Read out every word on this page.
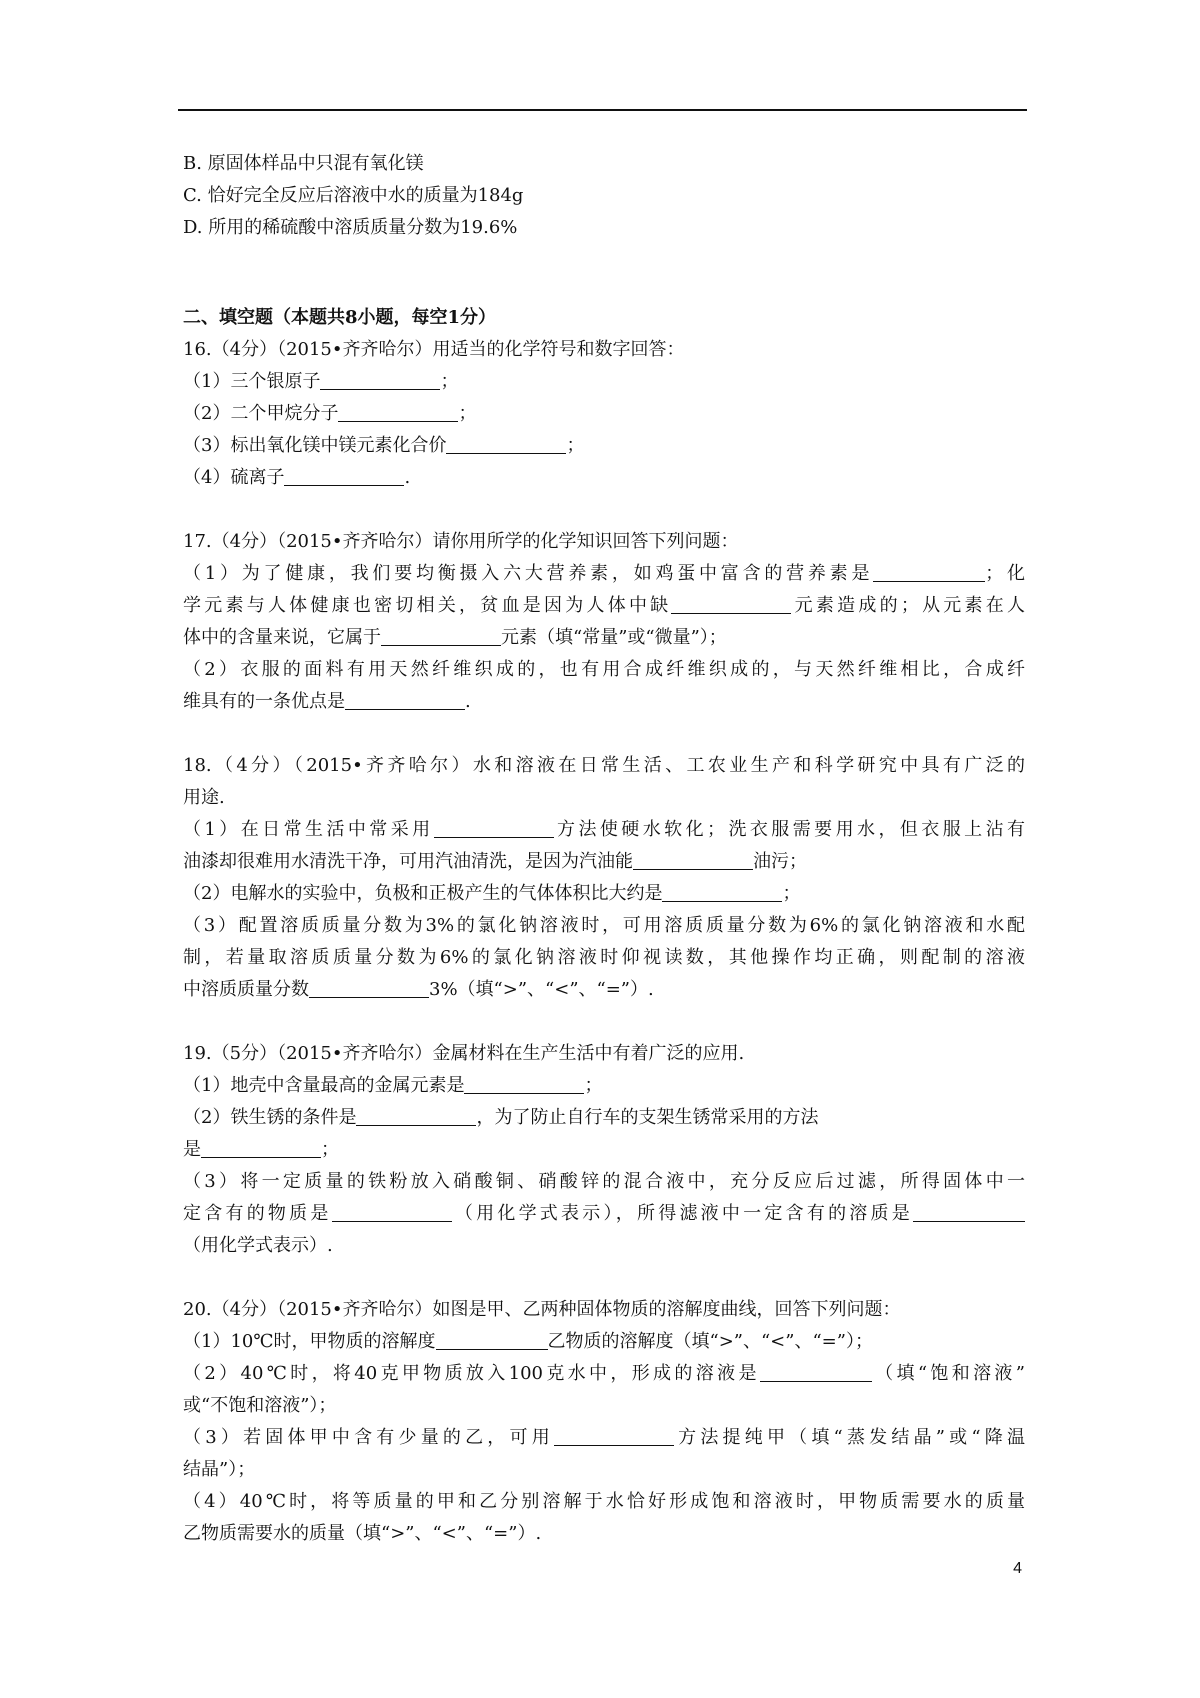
B. 原固体样品中只混有氧化镁
C. 恰好完全反应后溶液中水的质量为184g
D. 所用的稀硫酸中溶质质量分数为19.6%
二、填空题（本题共8小题，每空1分）
16.（4分）（2015•齐齐哈尔）用适当的化学符号和数字回答：
（1）三个银原子	；
（2）二个甲烷分子	；
（3）标出氧化镁中镁元素化合价	；
（4）硫离子	.
17.（4分）（2015•齐齐哈尔）请你用所学的化学知识回答下列问题：
（1）为了健康，我们要均衡摄入六大营养素，如鸡蛋中富含的营养素是	；化
学元素与人体健康也密切相关，贫血是因为人体中缺	元素造成的；从元素在人
体中的含量来说，它属于	元素（填“常量”或“微量”）；
（2）衣服的面料有用天然纤维织成的，也有用合成纤维织成的，与天然纤维相比，合成纤
维具有的一条优点是	.
18.（4分）（2015•齐齐哈尔）水和溶液在日常生活、工农业生产和科学研究中具有广泛的
用途.
（1）在日常生活中常采用	方法使硬水软化；洗衣服需要用水，但衣服上沾有
油漆却很难用水清洗干净，可用汽油清洗，是因为汽油能	油污；
（2）电解水的实验中，负极和正极产生的气体体积比大约是	；
（3）配置溶质质量分数为3%的氯化钠溶液时，可用溶质质量分数为6%的氯化钠溶液和水配
制，若量取溶质质量分数为6%的氯化钠溶液时仰视读数，其他操作均正确，则配制的溶液
中溶质质量分数	3%（填“>”、“<”、“=”）.
19.（5分）（2015•齐齐哈尔）金属材料在生产生活中有着广泛的应用.
（1）地壳中含量最高的金属元素是	；
（2）铁生锈的条件是	，为了防止自行车的支架生锈常采用的方法
是	；
（3）将一定质量的铁粉放入硝酸铜、硝酸锌的混合液中，充分反应后过滤，所得固体中一
定含有的物质是	（用化学式表示），所得滤液中一定含有的溶质是
（用化学式表示）.
20.（4分）（2015•齐齐哈尔）如图是甲、乙两种固体物质的溶解度曲线，回答下列问题：
（1）10℃时，甲物质的溶解度	乙物质的溶解度（填“>”、“<”、“=”）；
（2）40℃时，将40克甲物质放入100克水中，形成的溶液是	（填“饱和溶液”
或“不饱和溶液”）；
（3）若固体甲中含有少量的乙，可用	方法提纯甲（填“蒸发结晶”或“降温
结晶”）；
（4）40℃时，将等质量的甲和乙分别溶解于水恰好形成饱和溶液时，甲物质需要水的质量
乙物质需要水的质量（填“>”、“<”、“=”）.
4
